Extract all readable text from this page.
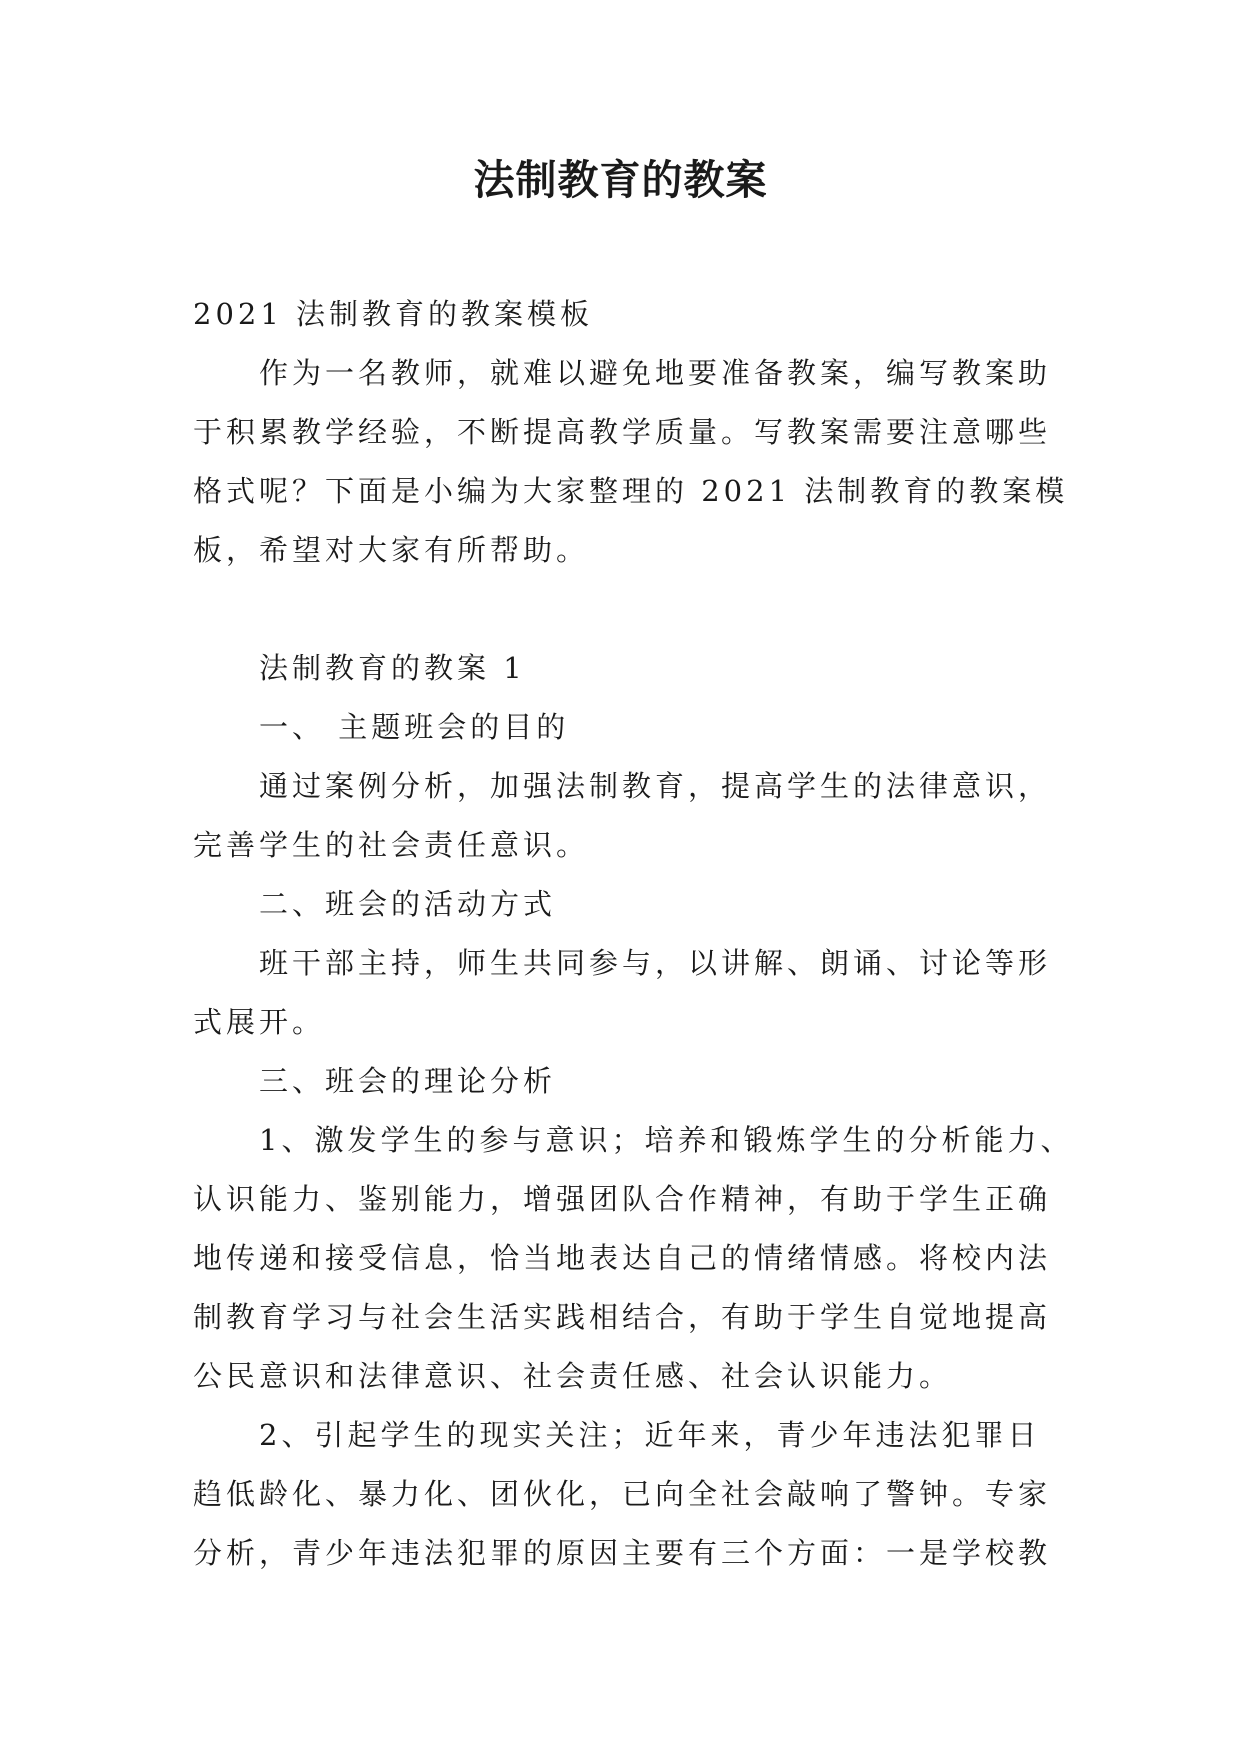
法制教育的教案
2021 法制教育的教案模板
作为一名教师，就难以避免地要准备教案，编写教案助
于积累教学经验，不断提高教学质量。写教案需要注意哪些
格式呢？下面是小编为大家整理的 2021 法制教育的教案模
板，希望对大家有所帮助。
法制教育的教案 1
一、 主题班会的目的
通过案例分析，加强法制教育，提高学生的法律意识，
完善学生的社会责任意识。
二、班会的活动方式
班干部主持，师生共同参与，以讲解、朗诵、讨论等形
式展开。
三、班会的理论分析
1、激发学生的参与意识；培养和锻炼学生的分析能力、
认识能力、鉴别能力，增强团队合作精神，有助于学生正确
地传递和接受信息，恰当地表达自己的情绪情感。将校内法
制教育学习与社会生活实践相结合，有助于学生自觉地提高
公民意识和法律意识、社会责任感、社会认识能力。
2、引起学生的现实关注；近年来，青少年违法犯罪日
趋低龄化、暴力化、团伙化，已向全社会敲响了警钟。专家
分析，青少年违法犯罪的原因主要有三个方面：一是学校教
